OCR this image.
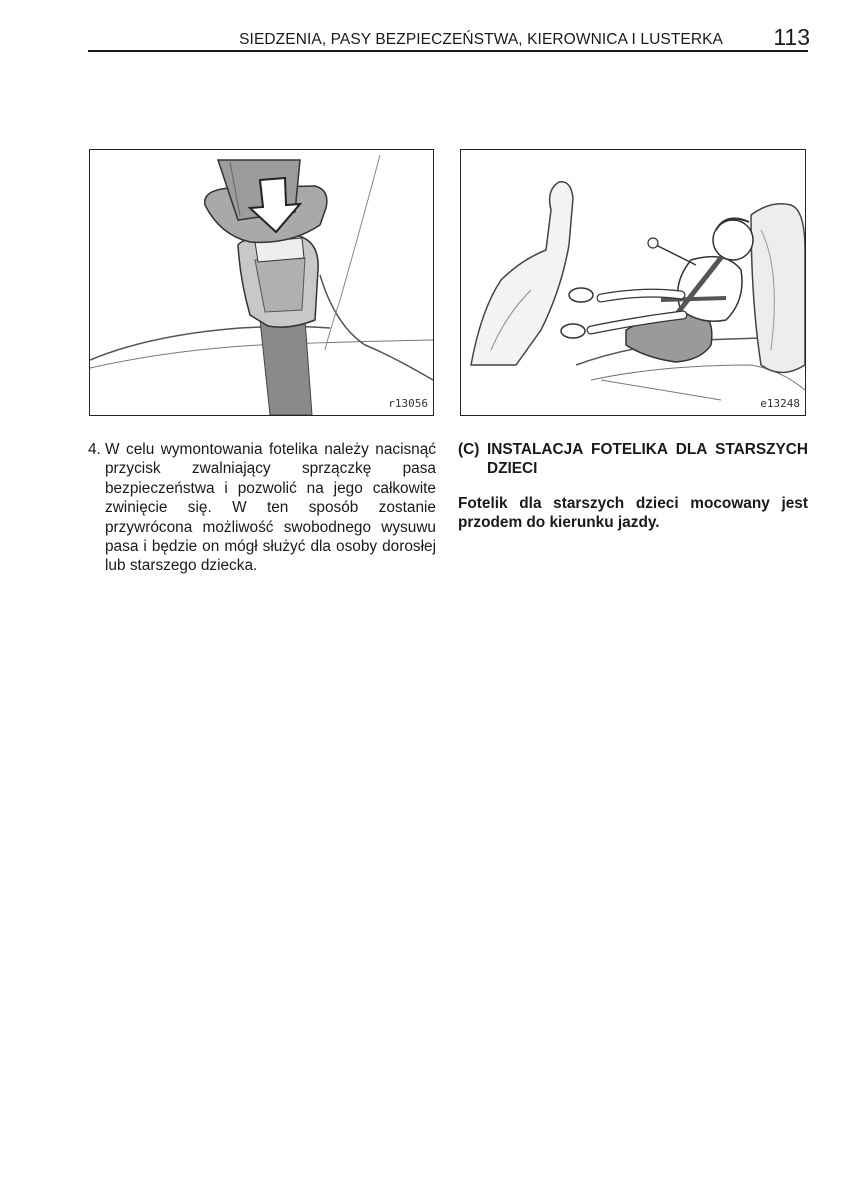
SIEDZENIA, PASY BEZPIECZEŃSTWA, KIEROWNICA I LUSTERKA	113
r13056	e13248
4. W celu wymontowania fotelika należy nacisnąć przycisk zwalniający sprzączkę pasa bezpieczeństwa i pozwolić na jego całkowite zwinięcie się. W ten sposób zostanie przywrócona możliwość swobodnego wysuwu pasa i będzie on mógł służyć dla osoby dorosłej lub starszego dziecka.
(C) INSTALACJA FOTELIKA DLA STARSZYCH DZIECI
Fotelik dla starszych dzieci mocowany jest przodem do kierunku jazdy.
